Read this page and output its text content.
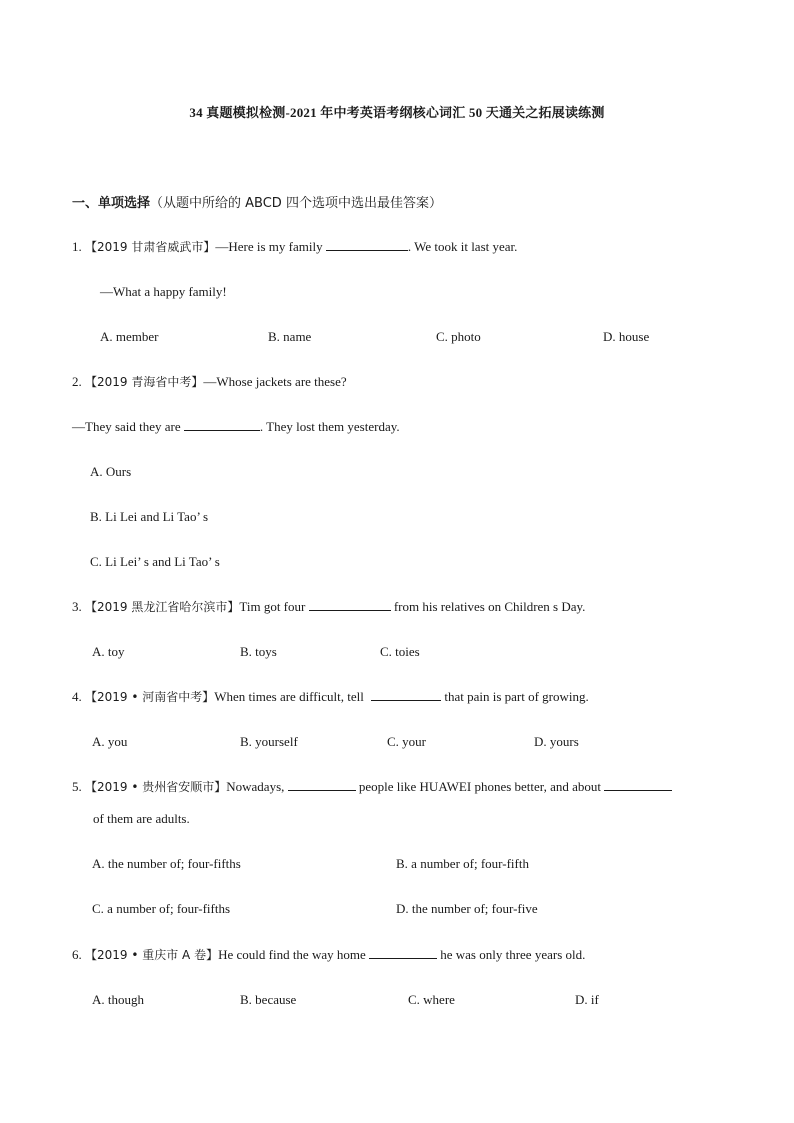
34 真题模拟检测-2021 年中考英语考纲核心词汇 50 天通关之拓展读练测
一、单项选择（从题中所给的 ABCD 四个选项中选出最佳答案）
1. 【2019 甘肃省威武市】—Here is my family	. We took it last year.
—What a happy family!
A. member	B. name	C. photo	D. house
2. 【2019 青海省中考】—Whose jackets are these?
—They said they are	. They lost them yesterday.
A. Ours
B. Li Lei and Li Tao’ s
C. Li Lei’ s and Li Tao’ s
3. 【2019 黑龙江省哈尔滨市】Tim got four	from his relatives on Children s Day.
A. toy	B. toys	C. toies
4. 【2019 • 河南省中考】When times are difficult, tell	that pain is part of growing.
A. you	B. yourself	C. your	D. yours
5. 【2019 • 贵州省安顺市】Nowadays,	people like HUAWEI phones better, and about
of them are adults.
A. the number of; four-fifths	B. a number of; four-fifth
C. a number of; four-fifths	D. the number of; four-five
6. 【2019 • 重庆市 A 卷】He could find the way home	he was only three years old.
A. though	B. because	C. where	D. if
